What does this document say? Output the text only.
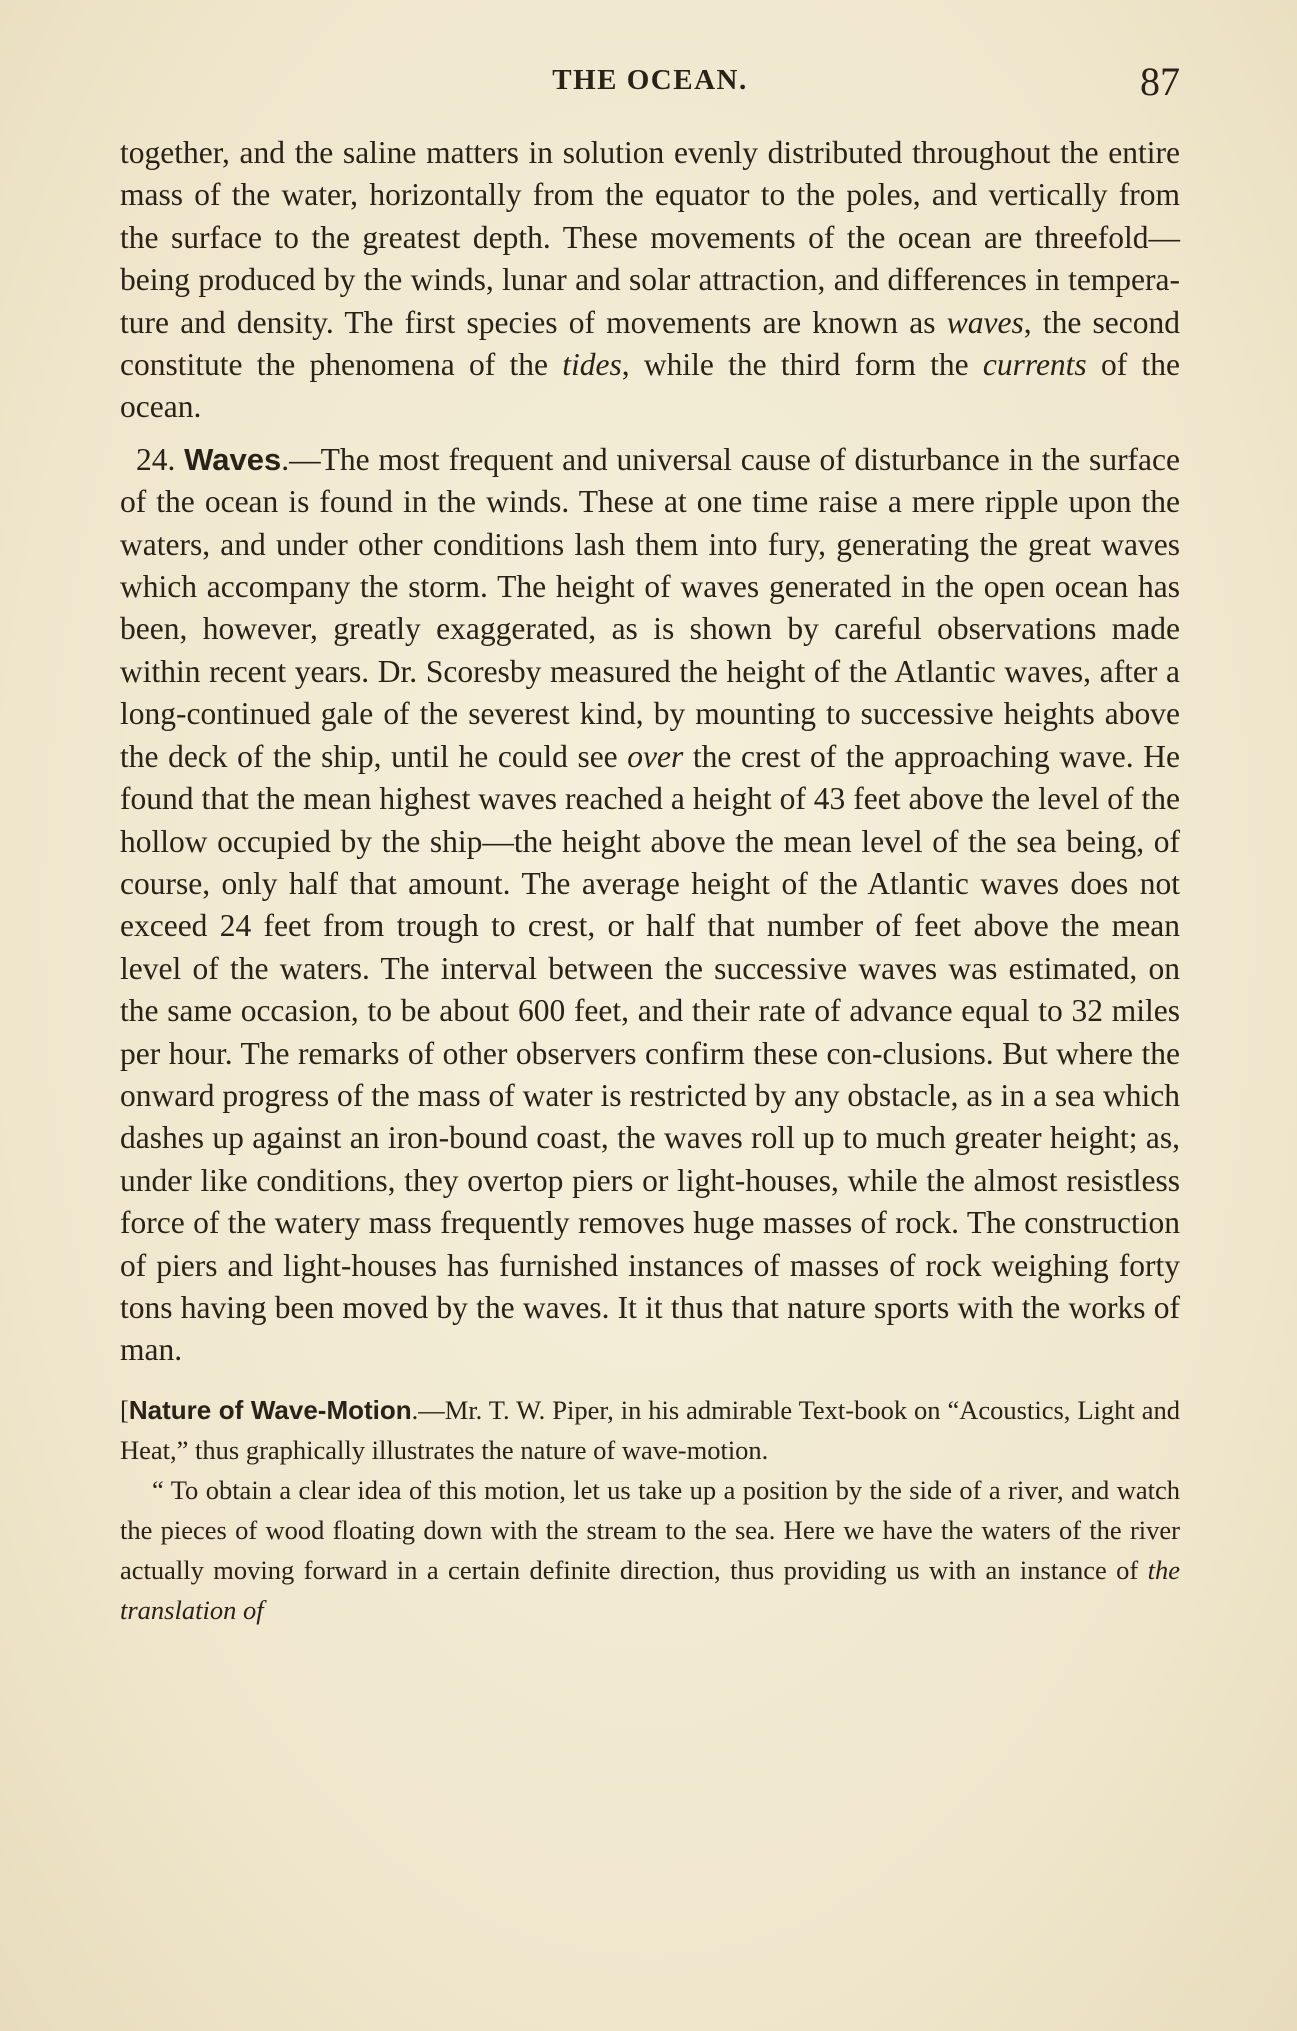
THE OCEAN.	87

together, and the saline matters in solution evenly distributed throughout the entire mass of the water, horizontally from the equator to the poles, and vertically from the surface to the greatest depth. These movements of the ocean are threefold—being produced by the winds, lunar and solar attraction, and differences in tempera-ture and density. The first species of movements are known as waves, the second constitute the phenomena of the tides, while the third form the currents of the ocean.

24. Waves.—The most frequent and universal cause of disturbance in the surface of the ocean is found in the winds. These at one time raise a mere ripple upon the waters, and under other conditions lash them into fury, generating the great waves which accompany the storm. The height of waves generated in the open ocean has been, however, greatly exaggerated, as is shown by careful observations made within recent years. Dr. Scoresby measured the height of the Atlantic waves, after a long-continued gale of the severest kind, by mounting to successive heights above the deck of the ship, until he could see over the crest of the approaching wave. He found that the mean highest waves reached a height of 43 feet above the level of the hollow occupied by the ship—the height above the mean level of the sea being, of course, only half that amount. The average height of the Atlantic waves does not exceed 24 feet from trough to crest, or half that number of feet above the mean level of the waters. The interval between the successive waves was estimated, on the same occasion, to be about 600 feet, and their rate of advance equal to 32 miles per hour. The remarks of other observers confirm these con-clusions. But where the onward progress of the mass of water is restricted by any obstacle, as in a sea which dashes up against an iron-bound coast, the waves roll up to much greater height; as, under like conditions, they overtop piers or light-houses, while the almost resistless force of the watery mass frequently removes huge masses of rock. The construction of piers and light-houses has furnished instances of masses of rock weighing forty tons having been moved by the waves. It it thus that nature sports with the works of man.

[Nature of Wave-Motion.—Mr. T. W. Piper, in his admirable Text-book on “Acoustics, Light and Heat,” thus graphically illustrates the nature of wave-motion.

“ To obtain a clear idea of this motion, let us take up a position by the side of a river, and watch the pieces of wood floating down with the stream to the sea. Here we have the waters of the river actually moving forward in a certain definite direction, thus providing us with an instance of the translation of
